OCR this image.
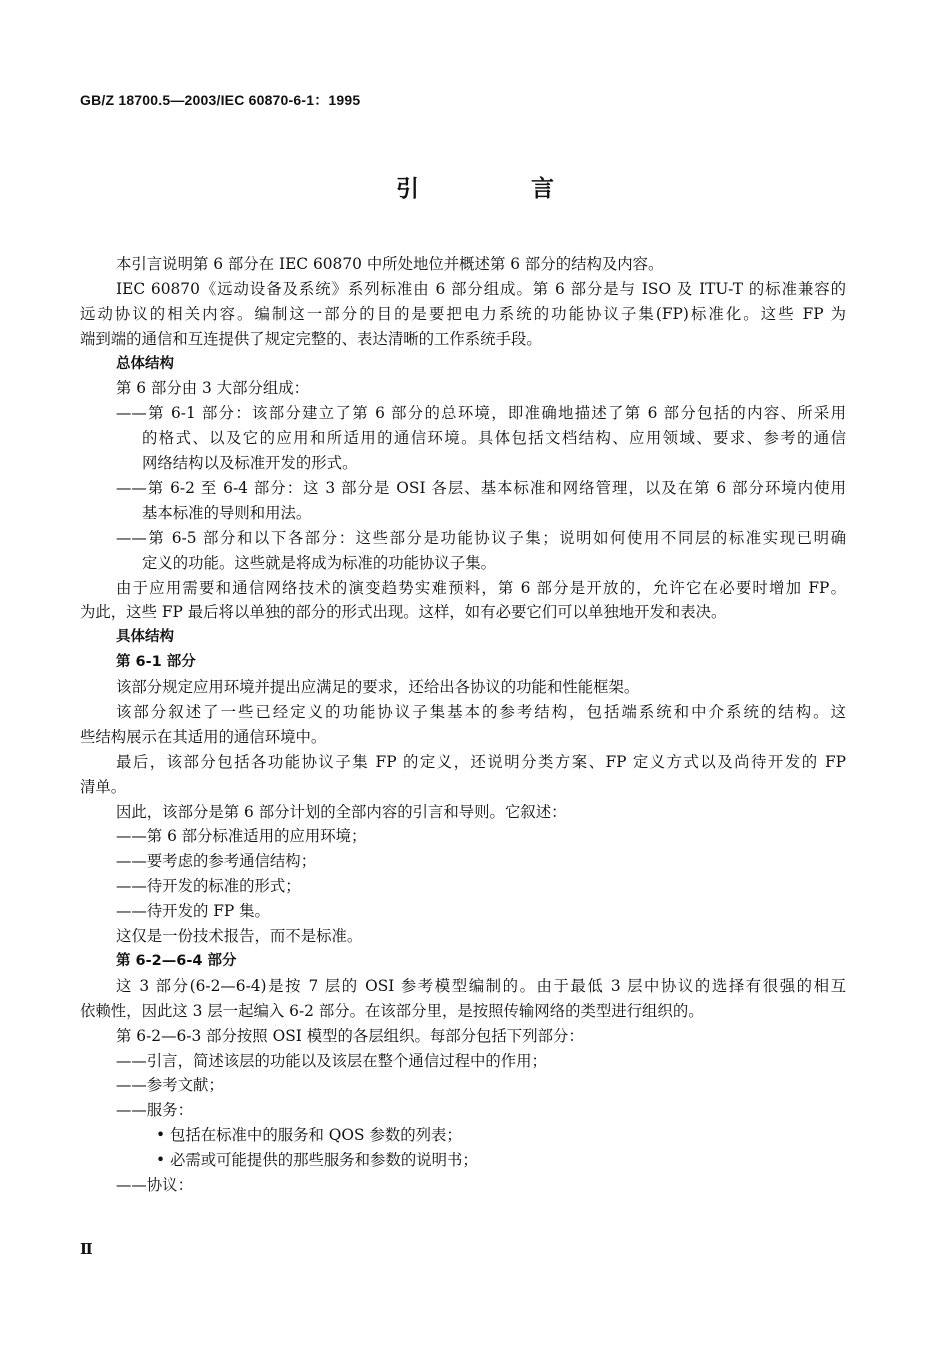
GB/Z 18700.5—2003/IEC 60870-6-1：1995
引 言
本引言说明第 6 部分在 IEC 60870 中所处地位并概述第 6 部分的结构及内容。
IEC 60870《远动设备及系统》系列标准由 6 部分组成。第 6 部分是与 ISO 及 ITU-T 的标准兼容的
远动协议的相关内容。编制这一部分的目的是要把电力系统的功能协议子集(FP)标准化。这些 FP 为
端到端的通信和互连提供了规定完整的、表达清晰的工作系统手段。
总体结构
第 6 部分由 3 大部分组成：
——第 6-1 部分：该部分建立了第 6 部分的总环境，即准确地描述了第 6 部分包括的内容、所采用
的格式、以及它的应用和所适用的通信环境。具体包括文档结构、应用领域、要求、参考的通信
网络结构以及标准开发的形式。
——第 6-2 至 6-4 部分：这 3 部分是 OSI 各层、基本标准和网络管理，以及在第 6 部分环境内使用
基本标准的导则和用法。
——第 6-5 部分和以下各部分：这些部分是功能协议子集；说明如何使用不同层的标准实现已明确
定义的功能。这些就是将成为标准的功能协议子集。
由于应用需要和通信网络技术的演变趋势实难预料，第 6 部分是开放的，允许它在必要时增加 FP。
为此，这些 FP 最后将以单独的部分的形式出现。这样，如有必要它们可以单独地开发和表决。
具体结构
第 6-1 部分
该部分规定应用环境并提出应满足的要求，还给出各协议的功能和性能框架。
该部分叙述了一些已经定义的功能协议子集基本的参考结构，包括端系统和中介系统的结构。这
些结构展示在其适用的通信环境中。
最后，该部分包括各功能协议子集 FP 的定义，还说明分类方案、FP 定义方式以及尚待开发的 FP
清单。
因此，该部分是第 6 部分计划的全部内容的引言和导则。它叙述：
——第 6 部分标准适用的应用环境；
——要考虑的参考通信结构；
——待开发的标准的形式；
——待开发的 FP 集。
这仅是一份技术报告，而不是标准。
第 6-2—6-4 部分
这 3 部分(6-2—6-4)是按 7 层的 OSI 参考模型编制的。由于最低 3 层中协议的选择有很强的相互
依赖性，因此这 3 层一起编入 6-2 部分。在该部分里，是按照传输网络的类型进行组织的。
第 6-2—6-3 部分按照 OSI 模型的各层组织。每部分包括下列部分：
——引言，简述该层的功能以及该层在整个通信过程中的作用；
——参考文献；
——服务：
• 包括在标准中的服务和 QOS 参数的列表；
• 必需或可能提供的那些服务和参数的说明书；
——协议：
Ⅱ
